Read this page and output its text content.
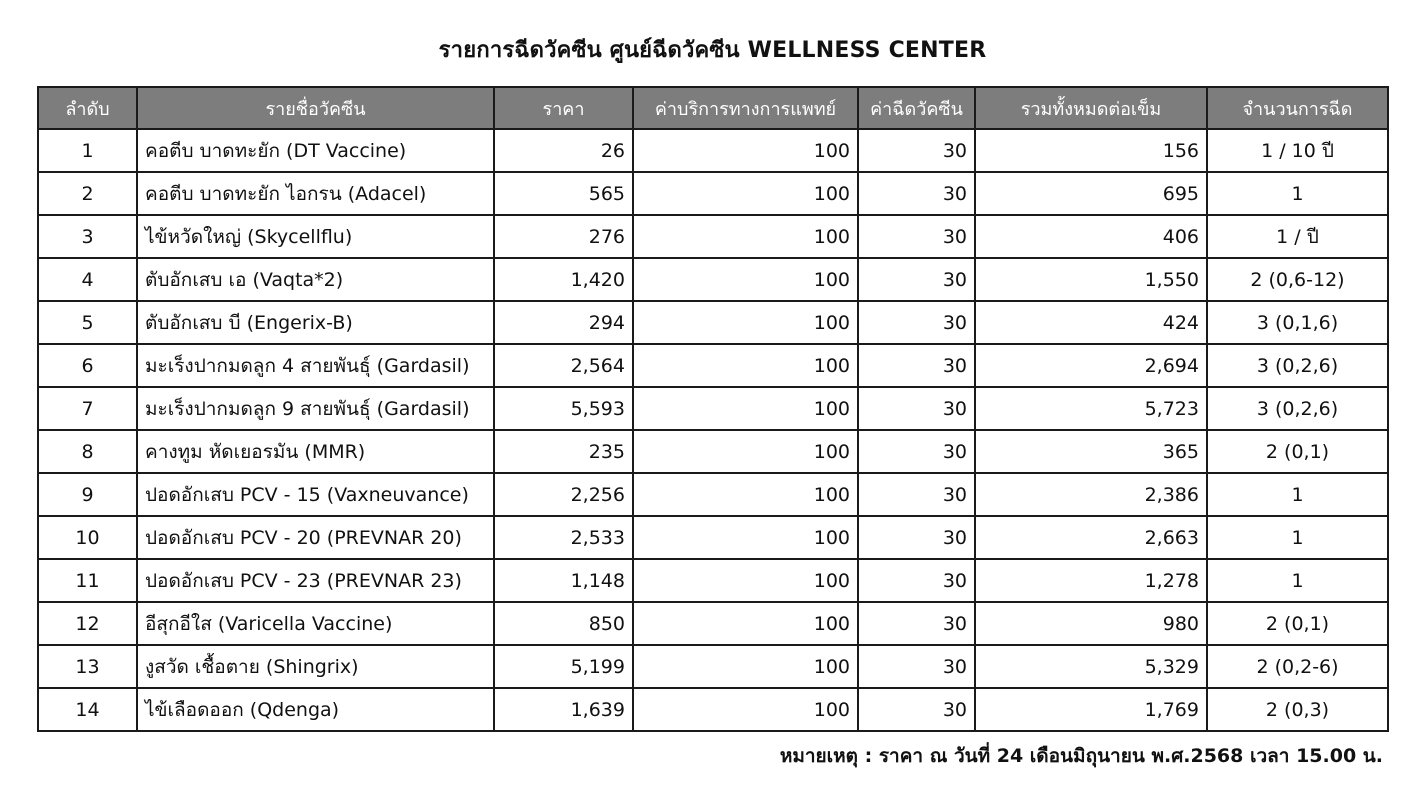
รายการฉีดวัคซีน ศูนย์ฉีดวัคซีน WELLNESS CENTER
ลำดับ	รายชื่อวัคซีน	ราคา	ค่าบริการทางการแพทย์	ค่าฉีดวัคซีน	รวมทั้งหมดต่อเข็ม	จำนวนการฉีด
1	คอตีบ บาดทะยัก (DT Vaccine)	26	100	30	156	1 / 10 ปี
2	คอตีบ บาดทะยัก ไอกรน (Adacel)	565	100	30	695	1
3	ไข้หวัดใหญ่ (Skycellflu)	276	100	30	406	1 / ปี
4	ตับอักเสบ เอ (Vaqta*2)	1,420	100	30	1,550	2 (0,6-12)
5	ตับอักเสบ บี (Engerix-B)	294	100	30	424	3 (0,1,6)
6	มะเร็งปากมดลูก 4 สายพันธุ์ (Gardasil)	2,564	100	30	2,694	3 (0,2,6)
7	มะเร็งปากมดลูก 9 สายพันธุ์ (Gardasil)	5,593	100	30	5,723	3 (0,2,6)
8	คางทูม หัดเยอรมัน (MMR)	235	100	30	365	2 (0,1)
9	ปอดอักเสบ PCV - 15 (Vaxneuvance)	2,256	100	30	2,386	1
10	ปอดอักเสบ PCV - 20 (PREVNAR 20)	2,533	100	30	2,663	1
11	ปอดอักเสบ PCV - 23 (PREVNAR 23)	1,148	100	30	1,278	1
12	อีสุกอีใส (Varicella Vaccine)	850	100	30	980	2 (0,1)
13	งูสวัด เชื้อตาย (Shingrix)	5,199	100	30	5,329	2 (0,2-6)
14	ไข้เลือดออก (Qdenga)	1,639	100	30	1,769	2 (0,3)
หมายเหตุ : ราคา ณ วันที่ 24 เดือนมิถุนายน พ.ศ.2568 เวลา 15.00 น.
